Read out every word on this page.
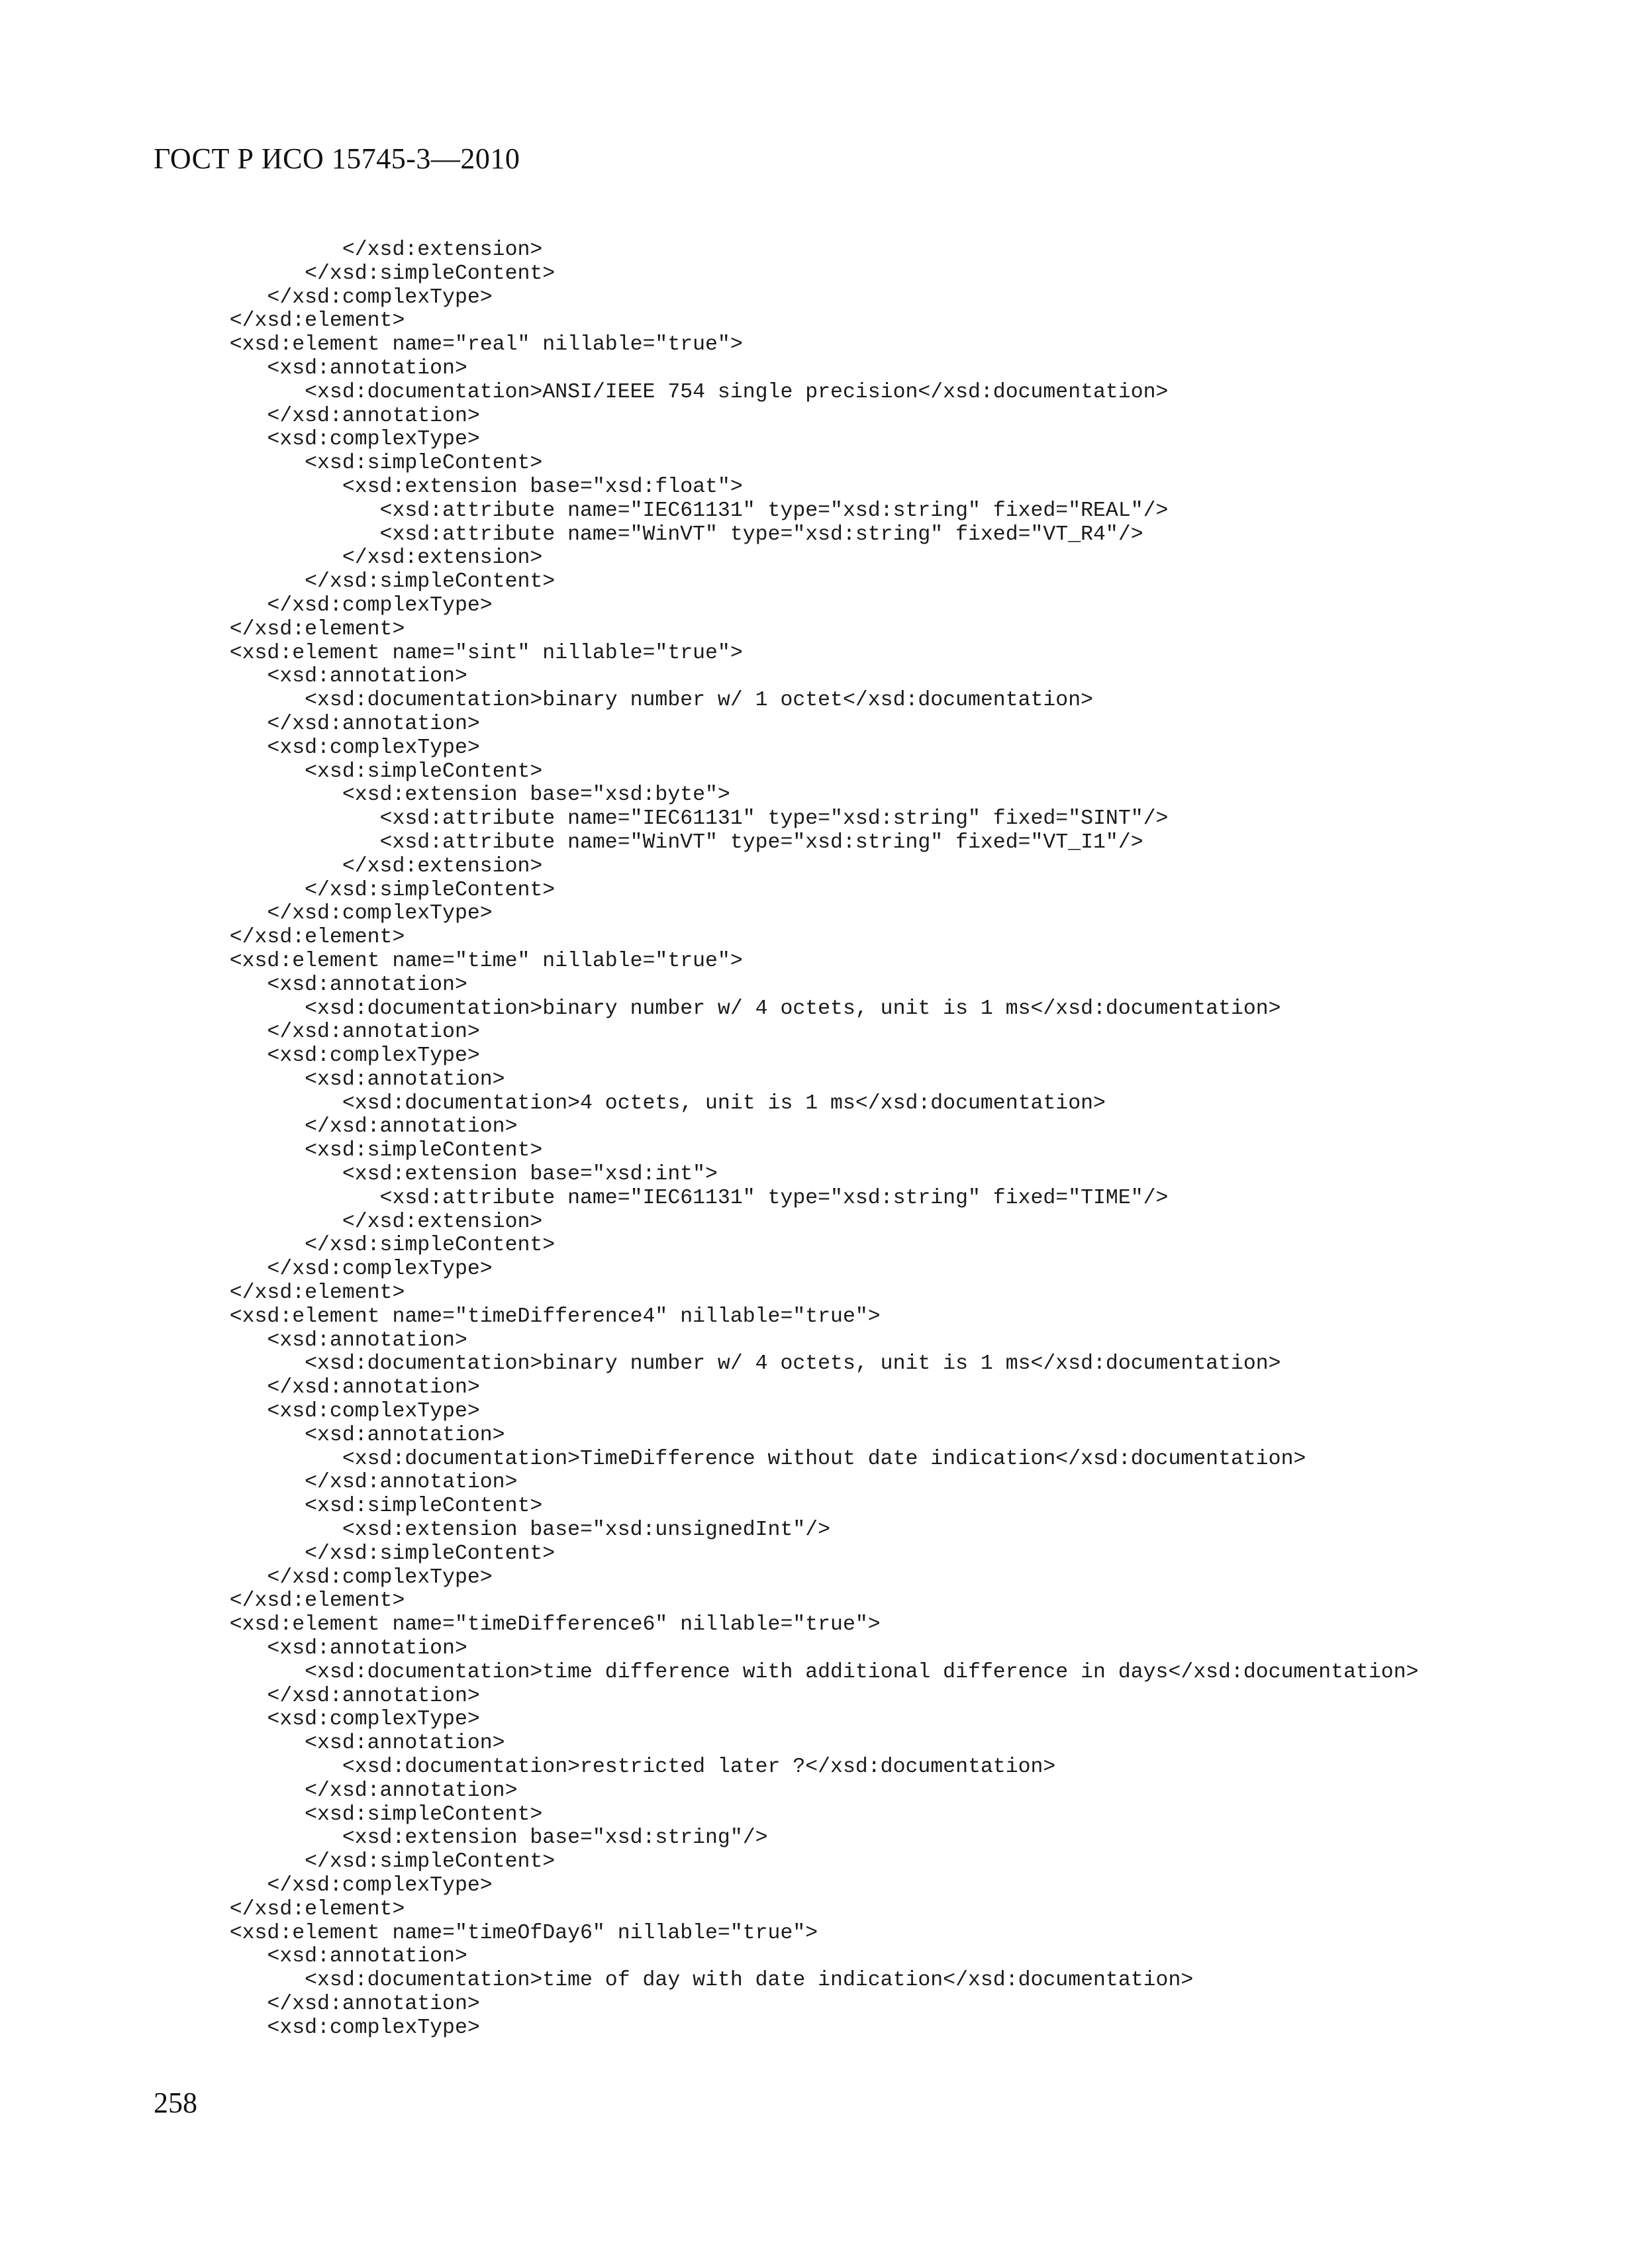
ГОСТ Р ИСО 15745-3—2010
</xsd:extension>
</xsd:simpleContent>
</xsd:complexType>
</xsd:element>
<xsd:element name="real" nillable="true">
<xsd:annotation>
<xsd:documentation>ANSI/IEEE 754 single precision</xsd:documentation>
</xsd:annotation>
<xsd:complexType>
<xsd:simpleContent>
<xsd:extension base="xsd:float">
<xsd:attribute name="IEC61131" type="xsd:string" fixed="REAL"/>
<xsd:attribute name="WinVT" type="xsd:string" fixed="VT_R4"/>
</xsd:extension>
</xsd:simpleContent>
</xsd:complexType>
</xsd:element>
<xsd:element name="sint" nillable="true">
<xsd:annotation>
<xsd:documentation>binary number w/ 1 octet</xsd:documentation>
</xsd:annotation>
<xsd:complexType>
<xsd:simpleContent>
<xsd:extension base="xsd:byte">
<xsd:attribute name="IEC61131" type="xsd:string" fixed="SINT"/>
<xsd:attribute name="WinVT" type="xsd:string" fixed="VT_I1"/>
</xsd:extension>
</xsd:simpleContent>
</xsd:complexType>
</xsd:element>
<xsd:element name="time" nillable="true">
<xsd:annotation>
<xsd:documentation>binary number w/ 4 octets, unit is 1 ms</xsd:documentation>
</xsd:annotation>
<xsd:complexType>
<xsd:annotation>
<xsd:documentation>4 octets, unit is 1 ms</xsd:documentation>
</xsd:annotation>
<xsd:simpleContent>
<xsd:extension base="xsd:int">
<xsd:attribute name="IEC61131" type="xsd:string" fixed="TIME"/>
</xsd:extension>
</xsd:simpleContent>
</xsd:complexType>
</xsd:element>
<xsd:element name="timeDifference4" nillable="true">
<xsd:annotation>
<xsd:documentation>binary number w/ 4 octets, unit is 1 ms</xsd:documentation>
</xsd:annotation>
<xsd:complexType>
<xsd:annotation>
<xsd:documentation>TimeDifference without date indication</xsd:documentation>
</xsd:annotation>
<xsd:simpleContent>
<xsd:extension base="xsd:unsignedInt"/>
</xsd:simpleContent>
</xsd:complexType>
</xsd:element>
<xsd:element name="timeDifference6" nillable="true">
<xsd:annotation>
<xsd:documentation>time difference with additional difference in days</xsd:documentation>
</xsd:annotation>
<xsd:complexType>
<xsd:annotation>
<xsd:documentation>restricted later ?</xsd:documentation>
</xsd:annotation>
<xsd:simpleContent>
<xsd:extension base="xsd:string"/>
</xsd:simpleContent>
</xsd:complexType>
</xsd:element>
<xsd:element name="timeOfDay6" nillable="true">
<xsd:annotation>
<xsd:documentation>time of day with date indication</xsd:documentation>
</xsd:annotation>
<xsd:complexType>
258
